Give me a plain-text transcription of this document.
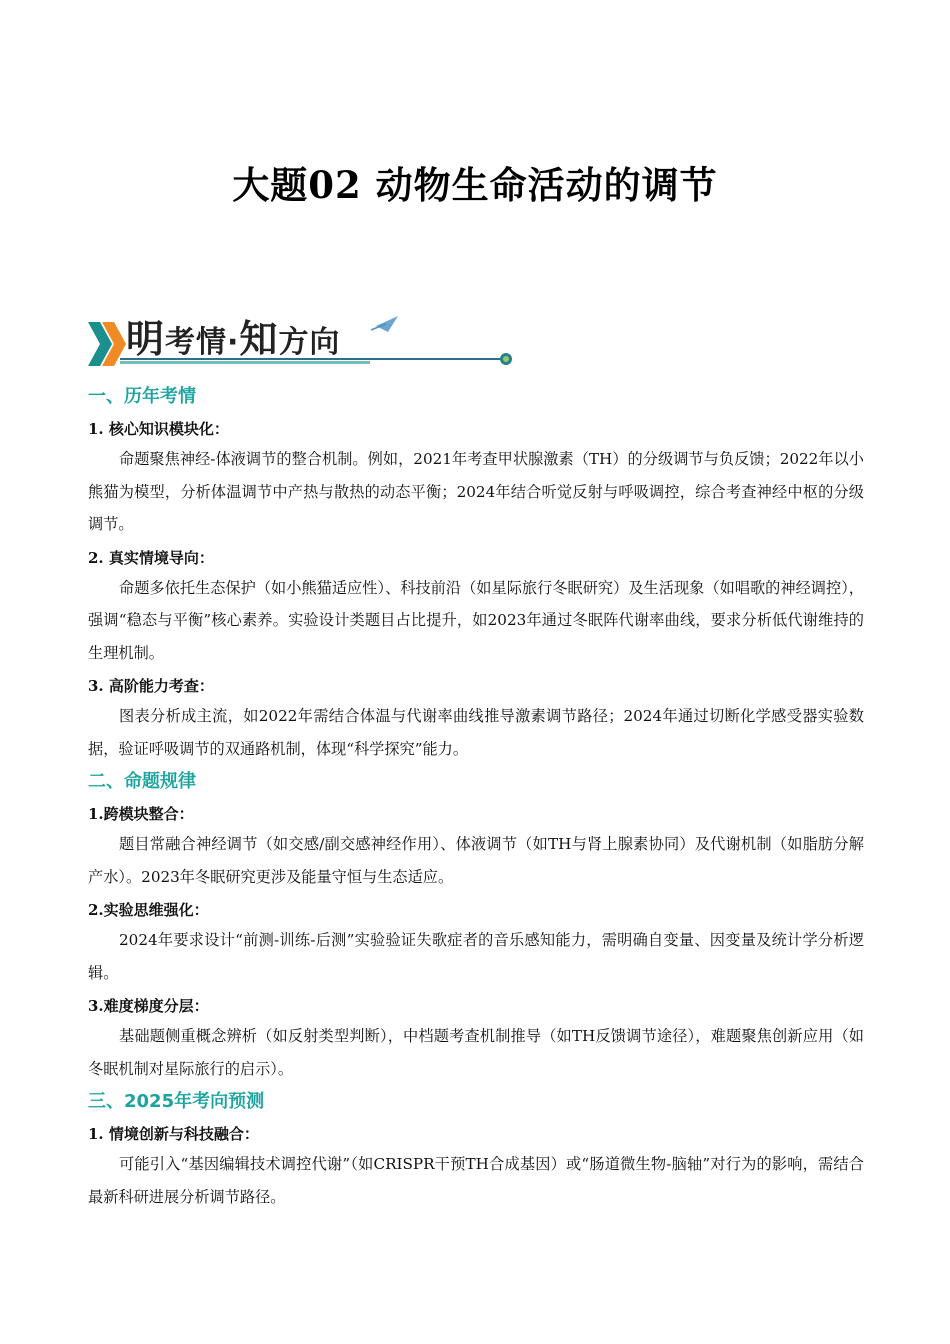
大题02 动物生命活动的调节
明考情·知方向
一、历年考情
1. 核心知识模块化：

命题聚焦神经-体液调节的整合机制。例如，2021年考查甲状腺激素（TH）的分级调节与负反馈；2022年以小熊猫为模型，分析体温调节中产热与散热的动态平衡；2024年结合听觉反射与呼吸调控，综合考查神经中枢的分级调节。

2. 真实情境导向：

命题多依托生态保护（如小熊猫适应性）、科技前沿（如星际旅行冬眠研究）及生活现象（如唱歌的神经调控），强调“稳态与平衡”核心素养。实验设计类题目占比提升，如2023年通过冬眠阵代谢率曲线，要求分析低代谢维持的生理机制。

3. 高阶能力考查：

图表分析成主流，如2022年需结合体温与代谢率曲线推导激素调节路径；2024年通过切断化学感受器实验数据，验证呼吸调节的双通路机制，体现“科学探究”能力。

二、命题规律
1.跨模块整合：

题目常融合神经调节（如交感/副交感神经作用）、体液调节（如TH与肾上腺素协同）及代谢机制（如脂肪分解产水）。2023年冬眠研究更涉及能量守恒与生态适应。

2.实验思维强化：

2024年要求设计“前测-训练-后测”实验验证失歌症者的音乐感知能力，需明确自变量、因变量及统计学分析逻辑。

3.难度梯度分层：

基础题侧重概念辨析（如反射类型判断），中档题考查机制推导（如TH反馈调节途径），难题聚焦创新应用（如冬眠机制对星际旅行的启示）。

三、2025年考向预测
1. 情境创新与科技融合：

可能引入“基因编辑技术调控代谢”（如CRISPR干预TH合成基因）或“肠道微生物-脑轴”对行为的影响，需结合最新科研进展分析调节路径。
